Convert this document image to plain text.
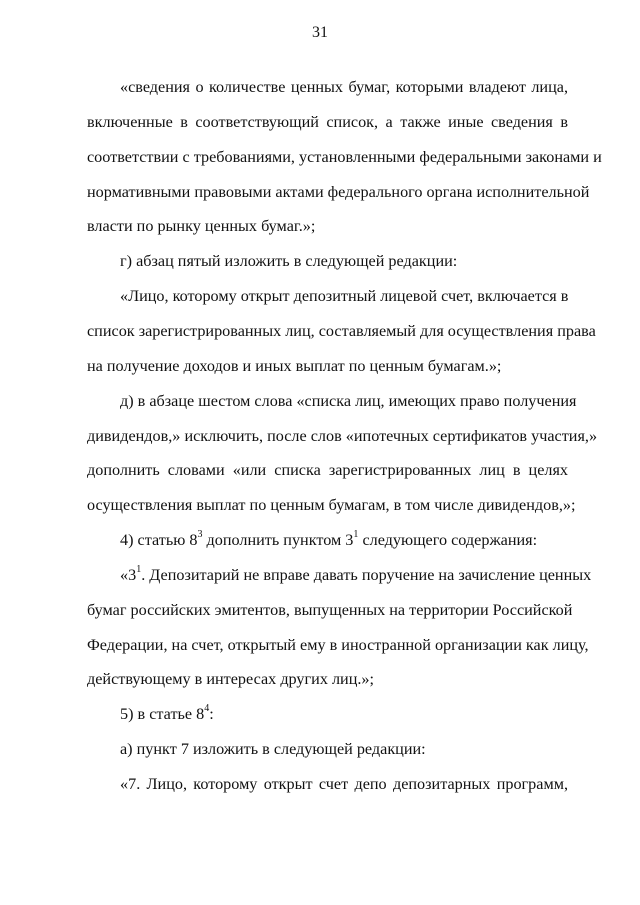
31
«сведения о количестве ценных бумаг, которыми владеют лица,
включенные в соответствующий список, а также иные сведения в
соответствии с требованиями, установленными федеральными законами и
нормативными правовыми актами федерального органа исполнительной
власти по рынку ценных бумаг.»;
г) абзац пятый изложить в следующей редакции:
«Лицо, которому открыт депозитный лицевой счет, включается в
список зарегистрированных лиц, составляемый для осуществления права
на получение доходов и иных выплат по ценным бумагам.»;
д) в абзаце шестом слова «списка лиц, имеющих право получения
дивидендов,» исключить, после слов «ипотечных сертификатов участия,»
дополнить словами «или списка зарегистрированных лиц в целях
осуществления выплат по ценным бумагам, в том числе дивидендов,»;
4) статью $8^3$ дополнить пунктом $3^1$ следующего содержания:
«$3^1$. Депозитарий не вправе давать поручение на зачисление ценных
бумаг российских эмитентов, выпущенных на территории Российской
Федерации, на счет, открытый ему в иностранной организации как лицу,
действующему в интересах других лиц.»;
5) в статье $8^4$:
а) пункт 7 изложить в следующей редакции:
«7. Лицо, которому открыт счет депо депозитарных программ,
